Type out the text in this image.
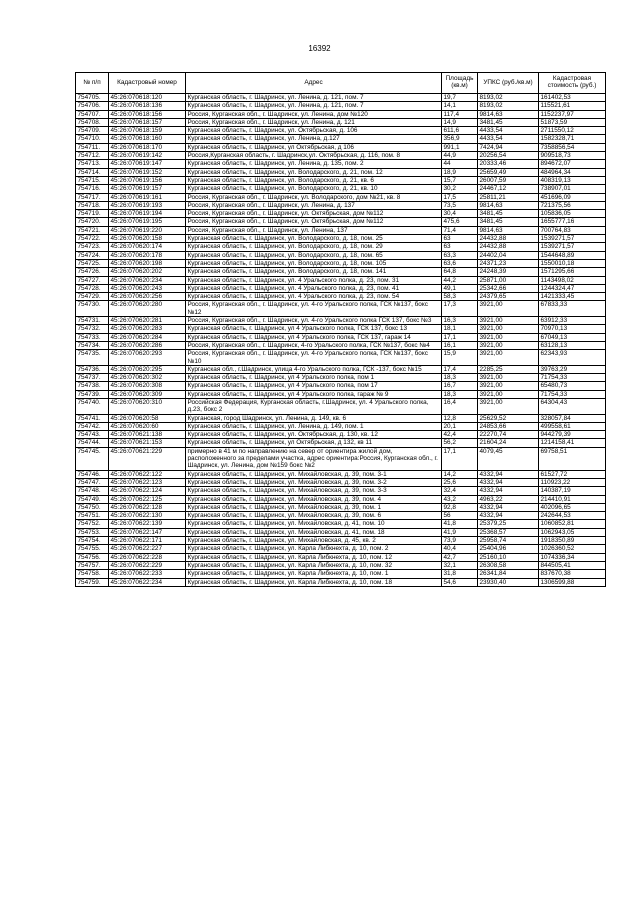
16392
№ п/п	Кадастровый номер	Адрес	Площадь (кв.м)	УПКС (руб./кв.м)	Кадастровая стоимость (руб.)
754705.	45:26:070618:120	Курганская область, г. Шадринск, ул. Ленина, д. 121, пом. 7	19,7	8193,02	161402,53
754706.	45:26:070618:136	Курганская область, г. Шадринск, ул. Ленина, д. 121, пом. 7	14,1	8193,02	115521,61
754707.	45:26:070618:156	Россия, Курганская обл., г. Шадринск, ул. Ленина, дом №120	117,4	9814,63	1152237,97
754708.	45:26:070618:157	Россия, Курганская обл., г. Шадринск, ул. Ленина, д. 121	14,9	3481,45	51873,59
754709.	45:26:070618:159	Курганская область, г. Шадринск, ул. Октябрьская, д. 106	611,6	4433,54	2711550,12
754710.	45:26:070618:160	Курганская область, г. Шадринск, ул. Ленина, д.127	356,9	4433,54	1582328,71
754711.	45:26:070618:170	Курганская область, г. Шадринск, ул Октябрьская, д 106	991,1	7424,94	7358856,54
754712.	45:26:070619:142	Россия,Курганская область, г. Шадринск,ул. Октябрьская, д. 116, пом. 8	44,9	20256,54	909518,73
754713.	45:26:070619:147	Курганская область, г. Шадринск, ул. Ленина, д. 135, пом. 2	44	20333,46	894672,07
754714.	45:26:070619:152	Курганская область, г. Шадринск, ул. Володарского, д. 21, пом. 12	18,9	25659,49	484964,34
754715.	45:26:070619:156	Курганская область, г. Шадринск, ул. Володарского, д. 21, кв. 6	15,7	26007,59	408319,13
754716.	45:26:070619:157	Курганская область, г. Шадринск, ул. Володарского, д. 21, кв. 10	30,2	24467,12	738907,01
754717.	45:26:070619:161	Россия, Курганская обл., г. Шадринск, ул. Володарского, дом №21, кв. 8	17,5	25811,21	451696,09
754718.	45:26:070619:193	Россия, Курганская обл., г. Шадринск, ул. Ленина, д. 137	73,5	9814,63	721375,56
754719.	45:26:070619:194	Россия, Курганская обл., г. Шадринск, ул. Октябрьская, дом №112	30,4	3481,45	105836,05
754720.	45:26:070619:195	Россия, Курганская обл., г. Шадринск, ул. Октябрьская, дом №112	475,6	3481,45	1655777,16
754721.	45:26:070619:220	Россия, Курганская обл., г. Шадринск, ул. Ленина, 137	71,4	9814,63	700764,83
754722.	45:26:070620:158	Курганская область, г. Шадринск, ул. Володарского, д. 18, пом. 25	63	24432,88	1539271,57
754723.	45:26:070620:174	Курганская область, г. Шадринск, ул. Володарского, д. 18, пом. 29	63	24432,88	1539271,57
754724.	45:26:070620:178	Курганская область, г. Шадринск, ул. Володарского, д. 18, пом. 65	63,3	24402,04	1544648,89
754725.	45:26:070620:198	Курганская область, г. Шадринск, ул. Володарского, д. 18, пом. 105	63,6	24371,23	1550010,18
754726.	45:26:070620:202	Курганская область, г. Шадринск, ул. Володарского, д. 18, пом. 141	64,8	24248,39	1571295,66
754727.	45:26:070620:234	Курганская область, г. Шадринск, ул. 4 Уральского полка, д. 23, пом. 31	44,2	25871,00	1143498,02
754728.	45:26:070620:243	Курганская область, г. Шадринск, ул. 4 Уральского полка, д. 23, пом. 41	49,1	25342,66	1244324,47
754729.	45:26:070620:256	Курганская область, г. Шадринск, ул. 4 Уральского полка, д. 23, пом. 54	58,3	24379,65	1421333,45
754730.	45:26:070620:280	Россия, Курганская обл., г. Шадринск, ул. 4-го Уральского полка, ГСК №137, бокс №12	17,3	3921,00	67833,33
754731.	45:26:070620:281	Россия, Курганская обл., г. Шадринск, ул. 4-го Уральского полка ГСК 137, бокс №3	16,3	3921,00	63912,33
754732.	45:26:070620:283	Курганская область, г. Шадринск, ул 4 Уральского полка, ГСК 137, бокс 13	18,1	3921,00	70970,13
754733.	45:26:070620:284	Курганская область, г. Шадринск, ул 4 Уральского полка, ГСК 137, гараж 14	17,1	3921,00	67049,13
754734.	45:26:070620:286	Россия, Курганская обл., г. Шадринск, 4-го Уральского полка, ГСК №137, бокс №4	16,1	3921,00	63128,13
754735.	45:26:070620:293	Россия, Курганская обл., г. Шадринск, ул. 4-го Уральского полка, ГСК №137, бокс №10	15,9	3921,00	62343,93
754736.	45:26:070620:295	Курганская обл., г.Шадринск, улица 4-го Уральского полка, ГСК -137, бокс №15	17,4	2285,25	39763,29
754737.	45:26:070620:302	Курганская область, г. Шадринск, ул 4 Уральского полка, пом 1	18,3	3921,00	71754,33
754738.	45:26:070620:308	Курганская область, г. Шадринск, ул 4 Уральского полка, пом 17	16,7	3921,00	65480,73
754739.	45:26:070620:309	Курганская область, г. Шадринск, ул 4 Уральского полка, гараж № 9	18,3	3921,00	71754,33
754740.	45:26:070620:310	Российская Федерация, Курганская область, г.Шадринск, ул. 4 Уральского полка, д.23, бокс 2	16,4	3921,00	64304,43
754741.	45:26:070620:58	Курганская, город Шадринск, ул. Ленина, д. 149, кв. 6	12,8	25629,52	328057,84
754742.	45:26:070620:60	Курганская область, г. Шадринск, ул. Ленина, д. 149, пом. 1	20,1	24853,66	499558,61
754743.	45:26:070621:138	Курганская область, г. Шадринск, ул. Октябрьская, д. 130, кв. 12	42,4	22270,74	944279,39
754744.	45:26:070621:153	Курганская область, г. Шадринск, ул Октябрьская, д 132, кв 11	56,2	21604,24	1214158,41
754745.	45:26:070621:229	примерно в 41 м по направлению на север от ориентира жилой дом, расположенного за пределами участка, адрес ориентира:Россия, Курганская обл., г. Шадринск, ул. Ленина, дом №159 бокс №2	17,1	4079,45	69758,51
754746.	45:26:070622:122	Курганская область, г. Шадринск, ул. Михайловская, д. 39, пом. 3-1	14,2	4332,94	61527,72
754747.	45:26:070622:123	Курганская область, г. Шадринск, ул. Михайловская, д. 39, пом. 3-2	25,6	4332,94	110923,22
754748.	45:26:070622:124	Курганская область, г. Шадринск, ул. Михайловская, д. 39, пом. 3-3	32,4	4332,94	140387,19
754749.	45:26:070622:125	Курганская область, г. Шадринск, ул. Михайловская, д. 39, пом. 4	43,2	4963,22	214410,91
754750.	45:26:070622:128	Курганская область, г. Шадринск, ул. Михайловская, д. 39, пом. 1	92,8	4332,94	402096,65
754751.	45:26:070622:130	Курганская область, г. Шадринск, ул. Михайловская, д. 39, пом. 6	56	4332,94	242644,53
754752.	45:26:070622:139	Курганская область, г. Шадринск, ул. Михайловская, д. 41, пом. 10	41,8	25379,25	1060852,81
754753.	45:26:070622:147	Курганская область, г. Шадринск, ул. Михайловская, д. 41, пом. 18	41,9	25368,57	1062943,05
754754.	45:26:070622:171	Курганская область, г. Шадринск, ул. Михайловская, д. 45, кв. 2	73,9	25958,74	1918350,89
754755.	45:26:070622:227	Курганская область, г. Шадринск, ул. Карла Либкнехта, д. 10, пом. 2	40,4	25404,96	1026360,52
754756.	45:26:070622:228	Курганская область, г. Шадринск, ул. Карла Либкнехта, д. 10, пом. 12	42,7	25160,10	1074336,34
754757.	45:26:070622:229	Курганская область, г. Шадринск, ул. Карла Либкнехта, д. 10, пом. 32	32,1	26308,58	844505,41
754758.	45:26:070622:233	Курганская область, г. Шадринск, ул. Карла Либкнехта, д. 10, пом. 1	31,8	26341,84	837670,38
754759.	45:26:070622:234	Курганская область, г. Шадринск, ул. Карла Либкнехта, д. 10, пом. 18	54,6	23930,40	1306599,88
